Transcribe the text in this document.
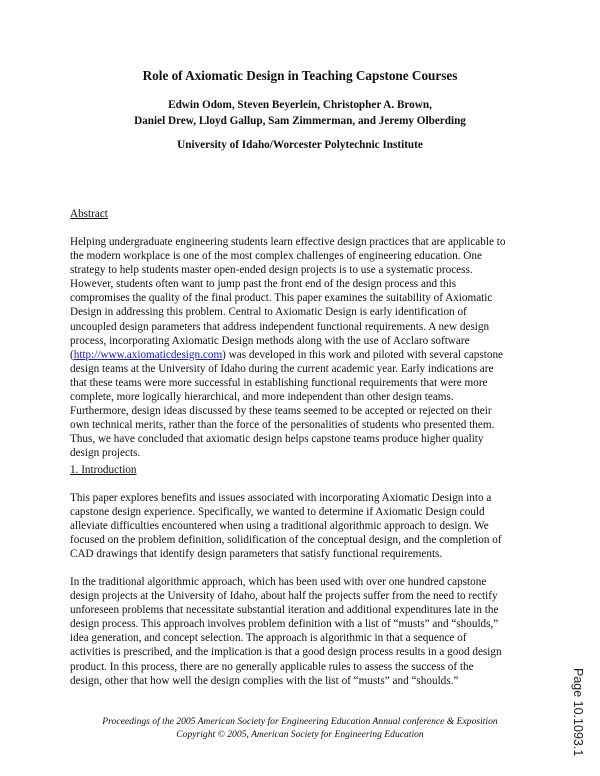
Role of Axiomatic Design in Teaching Capstone Courses
Edwin Odom, Steven Beyerlein, Christopher A. Brown,
Daniel Drew, Lloyd Gallup, Sam Zimmerman, and Jeremy Olberding
University of Idaho/Worcester Polytechnic Institute
Abstract

Helping undergraduate engineering students learn effective design practices that are applicable to
the modern workplace is one of the most complex challenges of engineering education. One
strategy to help students master open-ended design projects is to use a systematic process.
However, students often want to jump past the front end of the design process and this
compromises the quality of the final product. This paper examines the suitability of Axiomatic
Design in addressing this problem. Central to Axiomatic Design is early identification of
uncoupled design parameters that address independent functional requirements. A new design
process, incorporating Axiomatic Design methods along with the use of Acclaro software
(http://www.axiomaticdesign.com) was developed in this work and piloted with several capstone
design teams at the University of Idaho during the current academic year. Early indications are
that these teams were more successful in establishing functional requirements that were more
complete, more logically hierarchical, and more independent than other design teams.
Furthermore, design ideas discussed by these teams seemed to be accepted or rejected on their
own technical merits, rather than the force of the personalities of students who presented them.
Thus, we have concluded that axiomatic design helps capstone teams produce higher quality
design projects.

1. Introduction

This paper explores benefits and issues associated with incorporating Axiomatic Design into a
capstone design experience. Specifically, we wanted to determine if Axiomatic Design could
alleviate difficulties encountered when using a traditional algorithmic approach to design. We
focused on the problem definition, solidification of the conceptual design, and the completion of
CAD drawings that identify design parameters that satisfy functional requirements.

In the traditional algorithmic approach, which has been used with over one hundred capstone
design projects at the University of Idaho, about half the projects suffer from the need to rectify
unforeseen problems that necessitate substantial iteration and additional expenditures late in the
design process. This approach involves problem definition with a list of “musts” and “shoulds,”
idea generation, and concept selection. The approach is algorithmic in that a sequence of
activities is prescribed, and the implication is that a good design process results in a good design
product. In this process, there are no generally applicable rules to assess the success of the
design, other that how well the design complies with the list of “musts” and “shoulds.”

Proceedings of the 2005 American Society for Engineering Education Annual conference & Exposition
Copyright © 2005, American Society for Engineering Education	Page 10.1093.1
